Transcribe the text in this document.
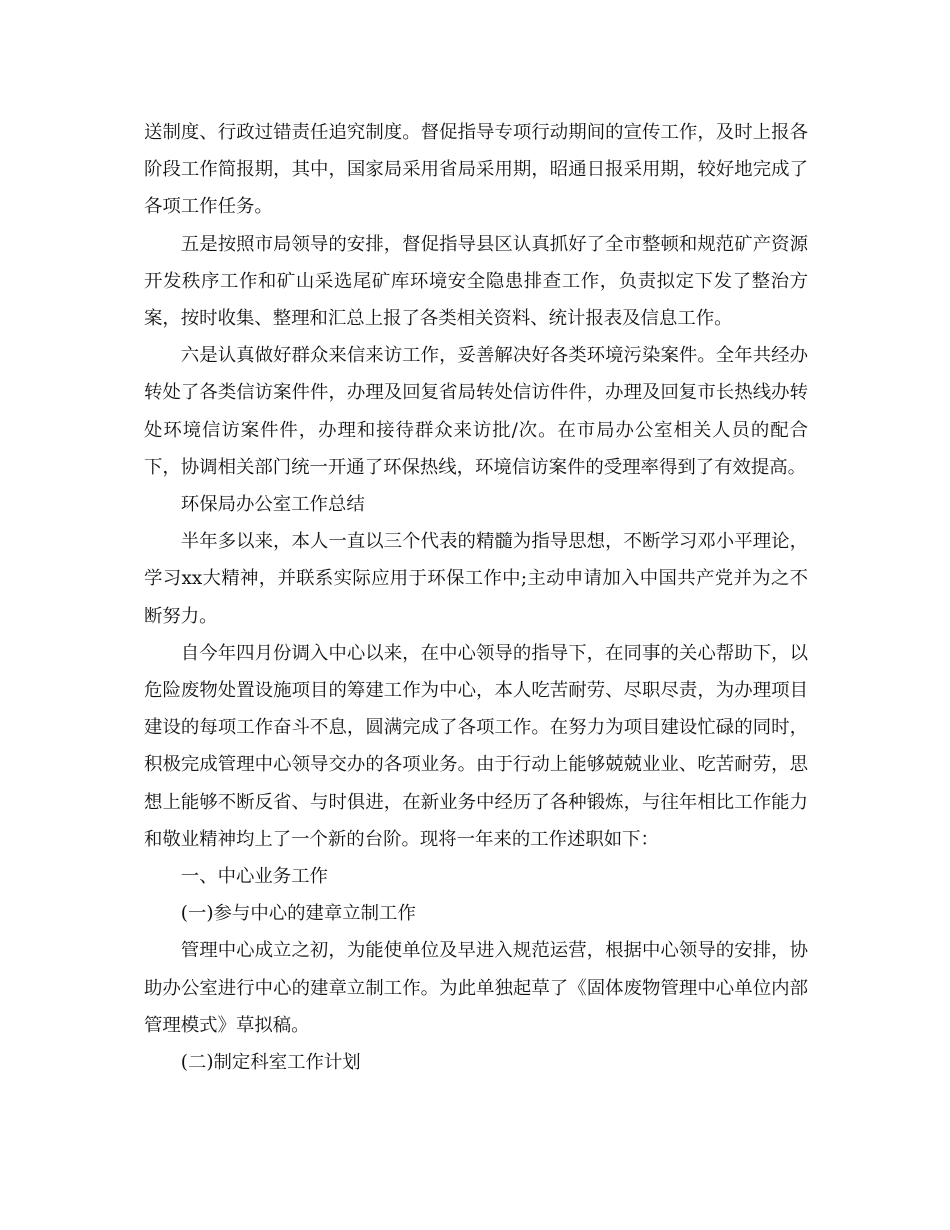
送制度、行政过错责任追究制度。督促指导专项行动期间的宣传工作，及时上报各阶段工作简报期，其中，国家局采用省局采用期，昭通日报采用期，较好地完成了各项工作任务。

五是按照市局领导的安排，督促指导县区认真抓好了全市整顿和规范矿产资源开发秩序工作和矿山采选尾矿库环境安全隐患排查工作，负责拟定下发了整治方案，按时收集、整理和汇总上报了各类相关资料、统计报表及信息工作。

六是认真做好群众来信来访工作，妥善解决好各类环境污染案件。全年共经办转处了各类信访案件件，办理及回复省局转处信访件件，办理及回复市长热线办转处环境信访案件件，办理和接待群众来访批/次。在市局办公室相关人员的配合下，协调相关部门统一开通了环保热线，环境信访案件的受理率得到了有效提高。

环保局办公室工作总结

半年多以来，本人一直以三个代表的精髓为指导思想，不断学习邓小平理论，学习xx大精神，并联系实际应用于环保工作中;主动申请加入中国共产党并为之不断努力。

自今年四月份调入中心以来，在中心领导的指导下，在同事的关心帮助下，以危险废物处置设施项目的筹建工作为中心，本人吃苦耐劳、尽职尽责，为办理项目建设的每项工作奋斗不息，圆满完成了各项工作。在努力为项目建设忙碌的同时，积极完成管理中心领导交办的各项业务。由于行动上能够兢兢业业、吃苦耐劳，思想上能够不断反省、与时俱进，在新业务中经历了各种锻炼，与往年相比工作能力和敬业精神均上了一个新的台阶。现将一年来的工作述职如下：

一、中心业务工作

(一)参与中心的建章立制工作

管理中心成立之初，为能使单位及早进入规范运营，根据中心领导的安排，协助办公室进行中心的建章立制工作。为此单独起草了《固体废物管理中心单位内部管理模式》草拟稿。

(二)制定科室工作计划
